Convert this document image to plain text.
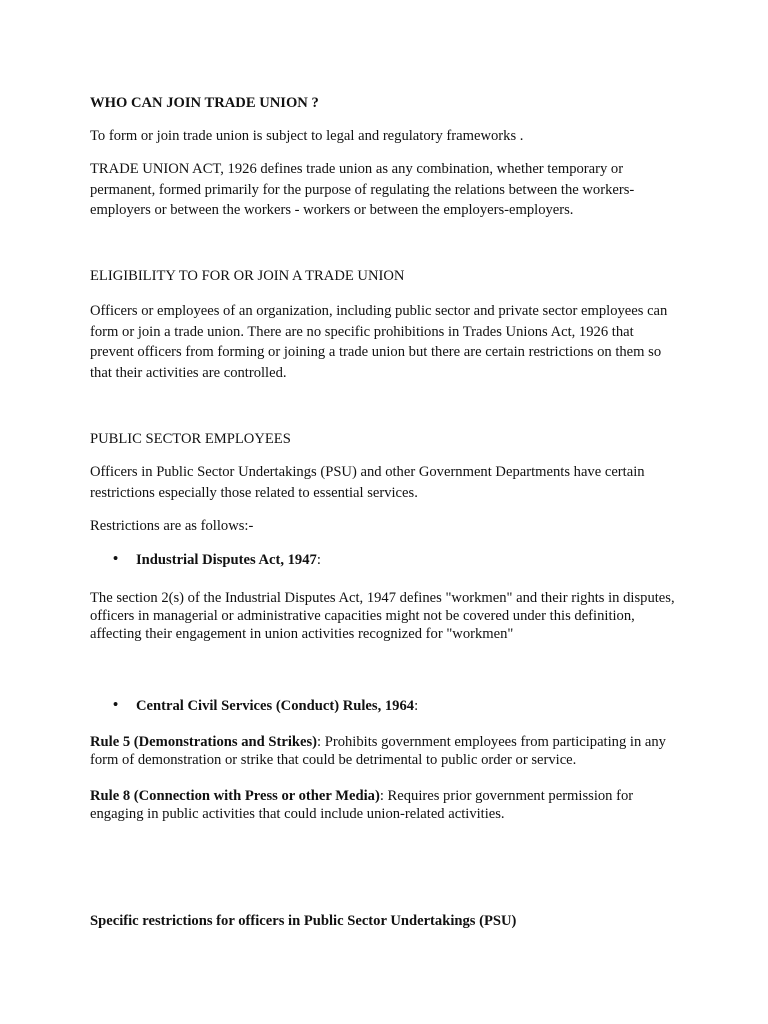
WHO CAN JOIN TRADE UNION ?

To form or join trade union is subject to legal and regulatory frameworks .

TRADE UNION ACT, 1926 defines trade union as any combination, whether temporary or permanent, formed primarily for the purpose of regulating the relations between the workers-employers or between the workers - workers or between the employers-employers.

ELIGIBILITY TO FOR OR JOIN A TRADE UNION

Officers or employees of an organization, including public sector and private sector employees can form or join a trade union. There are no specific prohibitions in Trades Unions Act, 1926 that prevent officers from forming or joining a trade union but there are certain restrictions on them so that their activities are controlled.

PUBLIC SECTOR EMPLOYEES

Officers in Public Sector Undertakings (PSU) and other Government Departments have certain restrictions especially those related to essential services.

Restrictions are as follows:-

• Industrial Disputes Act, 1947:

The section 2(s) of the Industrial Disputes Act, 1947 defines "workmen" and their rights in disputes, officers in managerial or administrative capacities might not be covered under this definition, affecting their engagement in union activities recognized for "workmen"

• Central Civil Services (Conduct) Rules, 1964:

Rule 5 (Demonstrations and Strikes): Prohibits government employees from participating in any form of demonstration or strike that could be detrimental to public order or service.

Rule 8 (Connection with Press or other Media): Requires prior government permission for engaging in public activities that could include union-related activities.

Specific restrictions for officers in Public Sector Undertakings (PSU)
